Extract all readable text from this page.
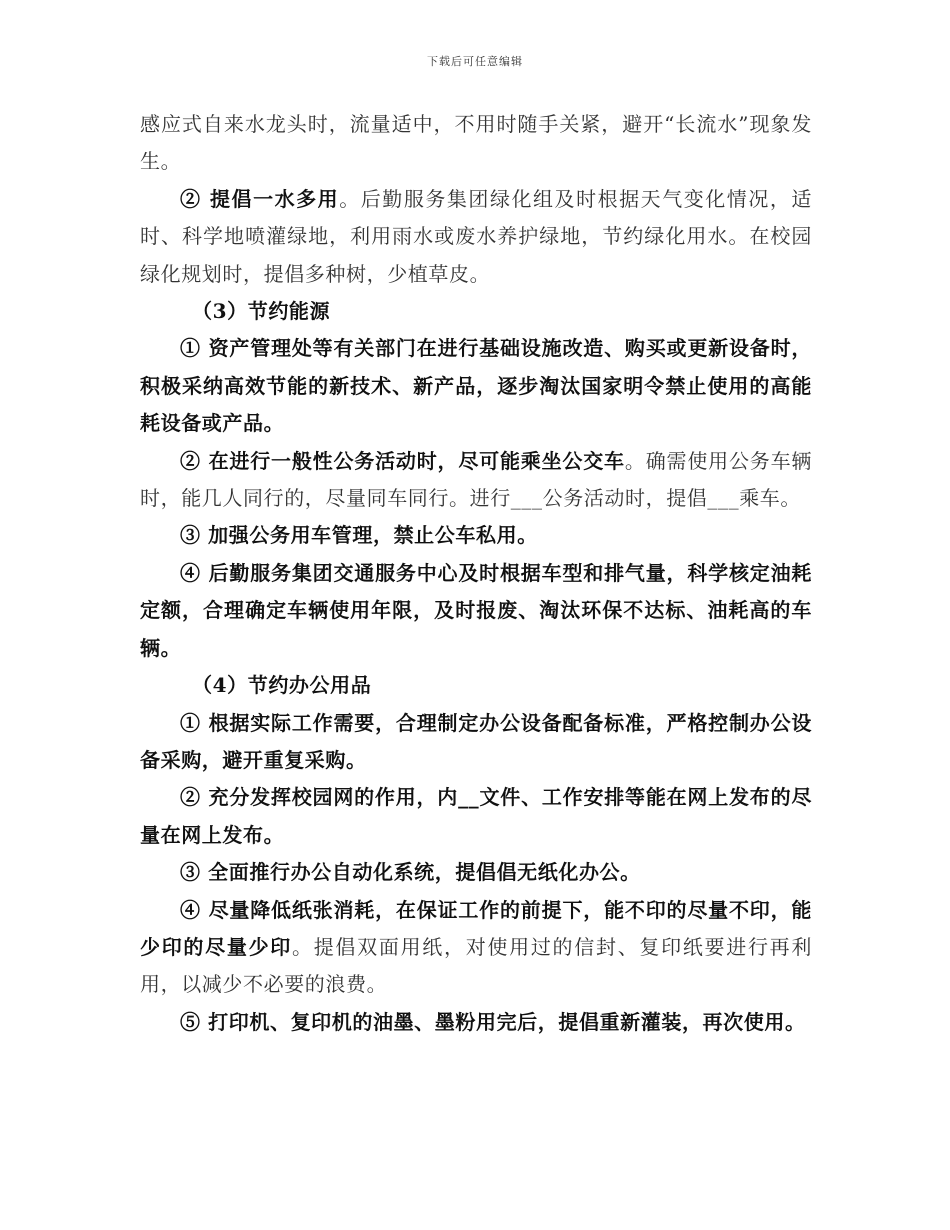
下载后可任意编辑

感应式自来水龙头时，流量适中，不用时随手关紧，避开“长流水”现象发生。

② 提倡一水多用。后勤服务集团绿化组及时根据天气变化情况，适时、科学地喷灌绿地，利用雨水或废水养护绿地，节约绿化用水。在校园绿化规划时，提倡多种树，少植草皮。

（3）节约能源

① 资产管理处等有关部门在进行基础设施改造、购买或更新设备时，积极采纳高效节能的新技术、新产品，逐步淘汰国家明令禁止使用的高能耗设备或产品。

② 在进行一般性公务活动时，尽可能乘坐公交车。确需使用公务车辆时，能几人同行的，尽量同车同行。进行___公务活动时，提倡___乘车。

③ 加强公务用车管理，禁止公车私用。

④ 后勤服务集团交通服务中心及时根据车型和排气量，科学核定油耗定额，合理确定车辆使用年限，及时报废、淘汰环保不达标、油耗高的车辆。

（4）节约办公用品

① 根据实际工作需要，合理制定办公设备配备标准，严格控制办公设备采购，避开重复采购。

② 充分发挥校园网的作用，内__文件、工作安排等能在网上发布的尽量在网上发布。

③ 全面推行办公自动化系统，提倡倡无纸化办公。

④ 尽量降低纸张消耗，在保证工作的前提下，能不印的尽量不印，能少印的尽量少印。提倡双面用纸，对使用过的信封、复印纸要进行再利用，以减少不必要的浪费。

⑤ 打印机、复印机的油墨、墨粉用完后，提倡重新灌装，再次使用。
